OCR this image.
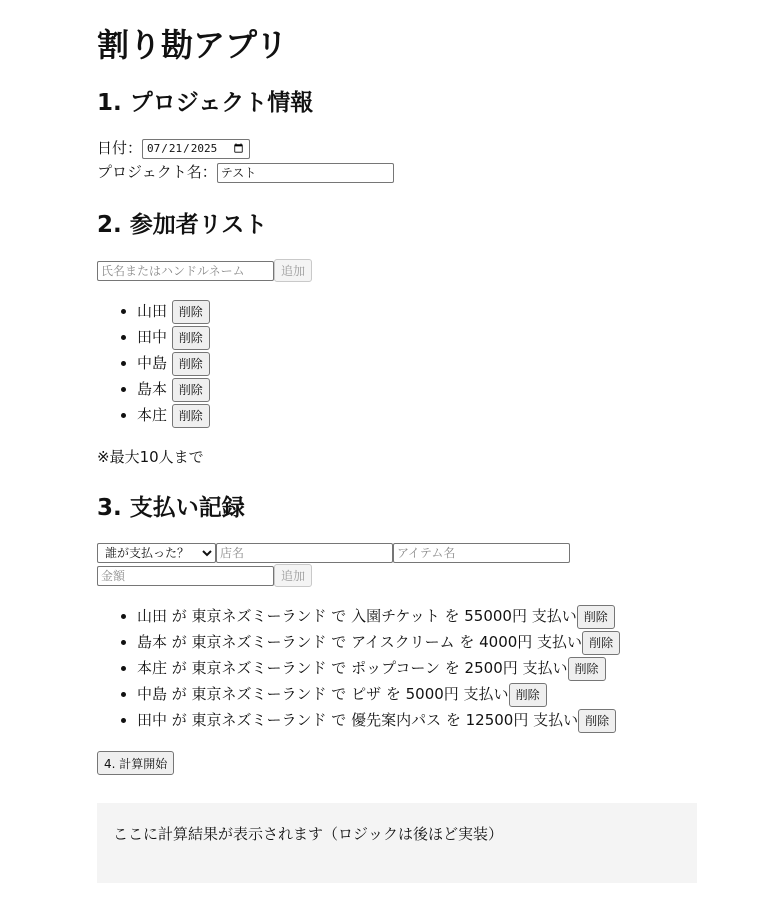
割り勘アプリ
1. プロジェクト情報
日付：2025-07-21
プロジェクト名：テスト
2. 参加者リスト
氏名またはハンドルネーム追加
• 山田 削除
• 田中 削除
• 中島 削除
• 島本 削除
• 本庄 削除
※最大10人まで
3. 支払い記録
誰が支払った？店名アイテム名
金額追加
• 山田 が 東京ネズミーランド で 入園チケット を 55000円 支払い 削除
• 島本 が 東京ネズミーランド で アイスクリーム を 4000円 支払い 削除
• 本庄 が 東京ネズミーランド で ポップコーン を 2500円 支払い 削除
• 中島 が 東京ネズミーランド で ピザ を 5000円 支払い 削除
• 田中 が 東京ネズミーランド で 優先案内パス を 12500円 支払い 削除
4. 計算開始
ここに計算結果が表示されます（ロジックは後ほど実装）
